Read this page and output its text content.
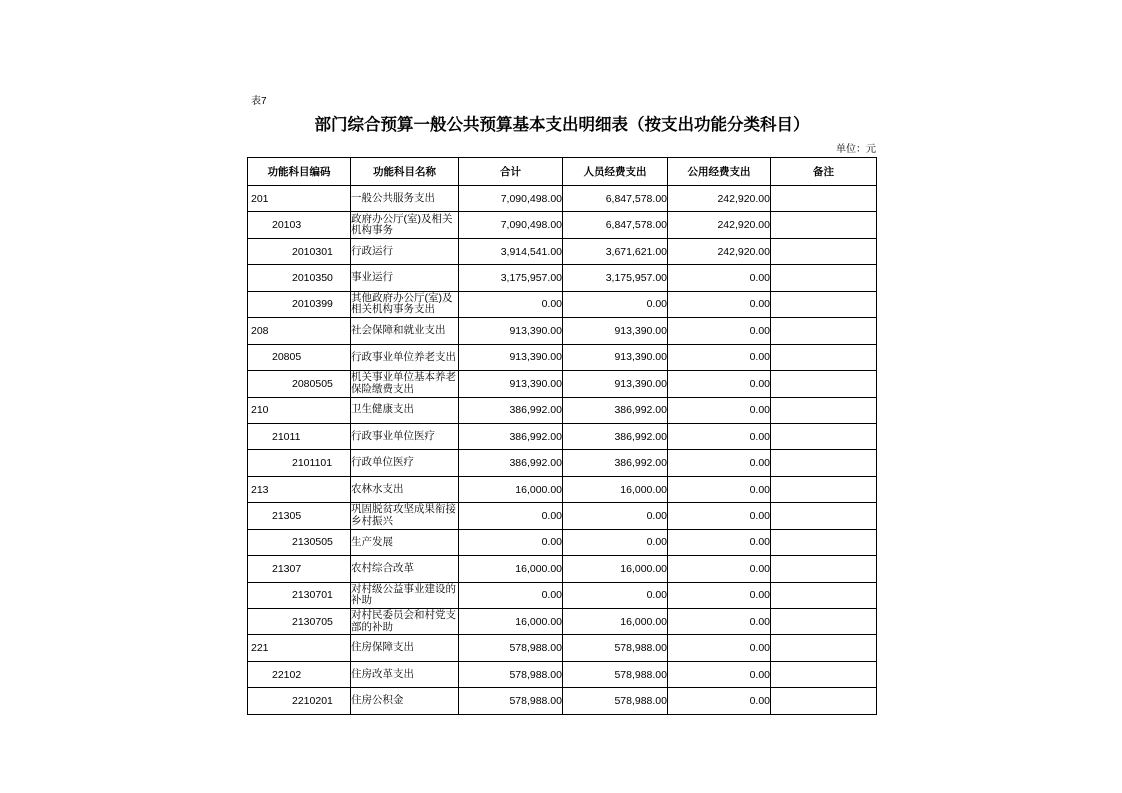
表7
部门综合预算一般公共预算基本支出明细表（按支出功能分类科目）
单位：元
功能科目编码	功能科目名称	合计	人员经费支出	公用经费支出	备注
201	一般公共服务支出	7,090,498.00	6,847,578.00	242,920.00	
20103	政府办公厅(室)及相关机构事务	7,090,498.00	6,847,578.00	242,920.00	
2010301	行政运行	3,914,541.00	3,671,621.00	242,920.00	
2010350	事业运行	3,175,957.00	3,175,957.00	0.00	
2010399	其他政府办公厅(室)及相关机构事务支出	0.00	0.00	0.00	
208	社会保障和就业支出	913,390.00	913,390.00	0.00	
20805	行政事业单位养老支出	913,390.00	913,390.00	0.00	
2080505	机关事业单位基本养老保险缴费支出	913,390.00	913,390.00	0.00	
210	卫生健康支出	386,992.00	386,992.00	0.00	
21011	行政事业单位医疗	386,992.00	386,992.00	0.00	
2101101	行政单位医疗	386,992.00	386,992.00	0.00	
213	农林水支出	16,000.00	16,000.00	0.00	
21305	巩固脱贫攻坚成果衔接乡村振兴	0.00	0.00	0.00	
2130505	生产发展	0.00	0.00	0.00	
21307	农村综合改革	16,000.00	16,000.00	0.00	
2130701	对村级公益事业建设的补助	0.00	0.00	0.00	
2130705	对村民委员会和村党支部的补助	16,000.00	16,000.00	0.00	
221	住房保障支出	578,988.00	578,988.00	0.00	
22102	住房改革支出	578,988.00	578,988.00	0.00	
2210201	住房公积金	578,988.00	578,988.00	0.00	
